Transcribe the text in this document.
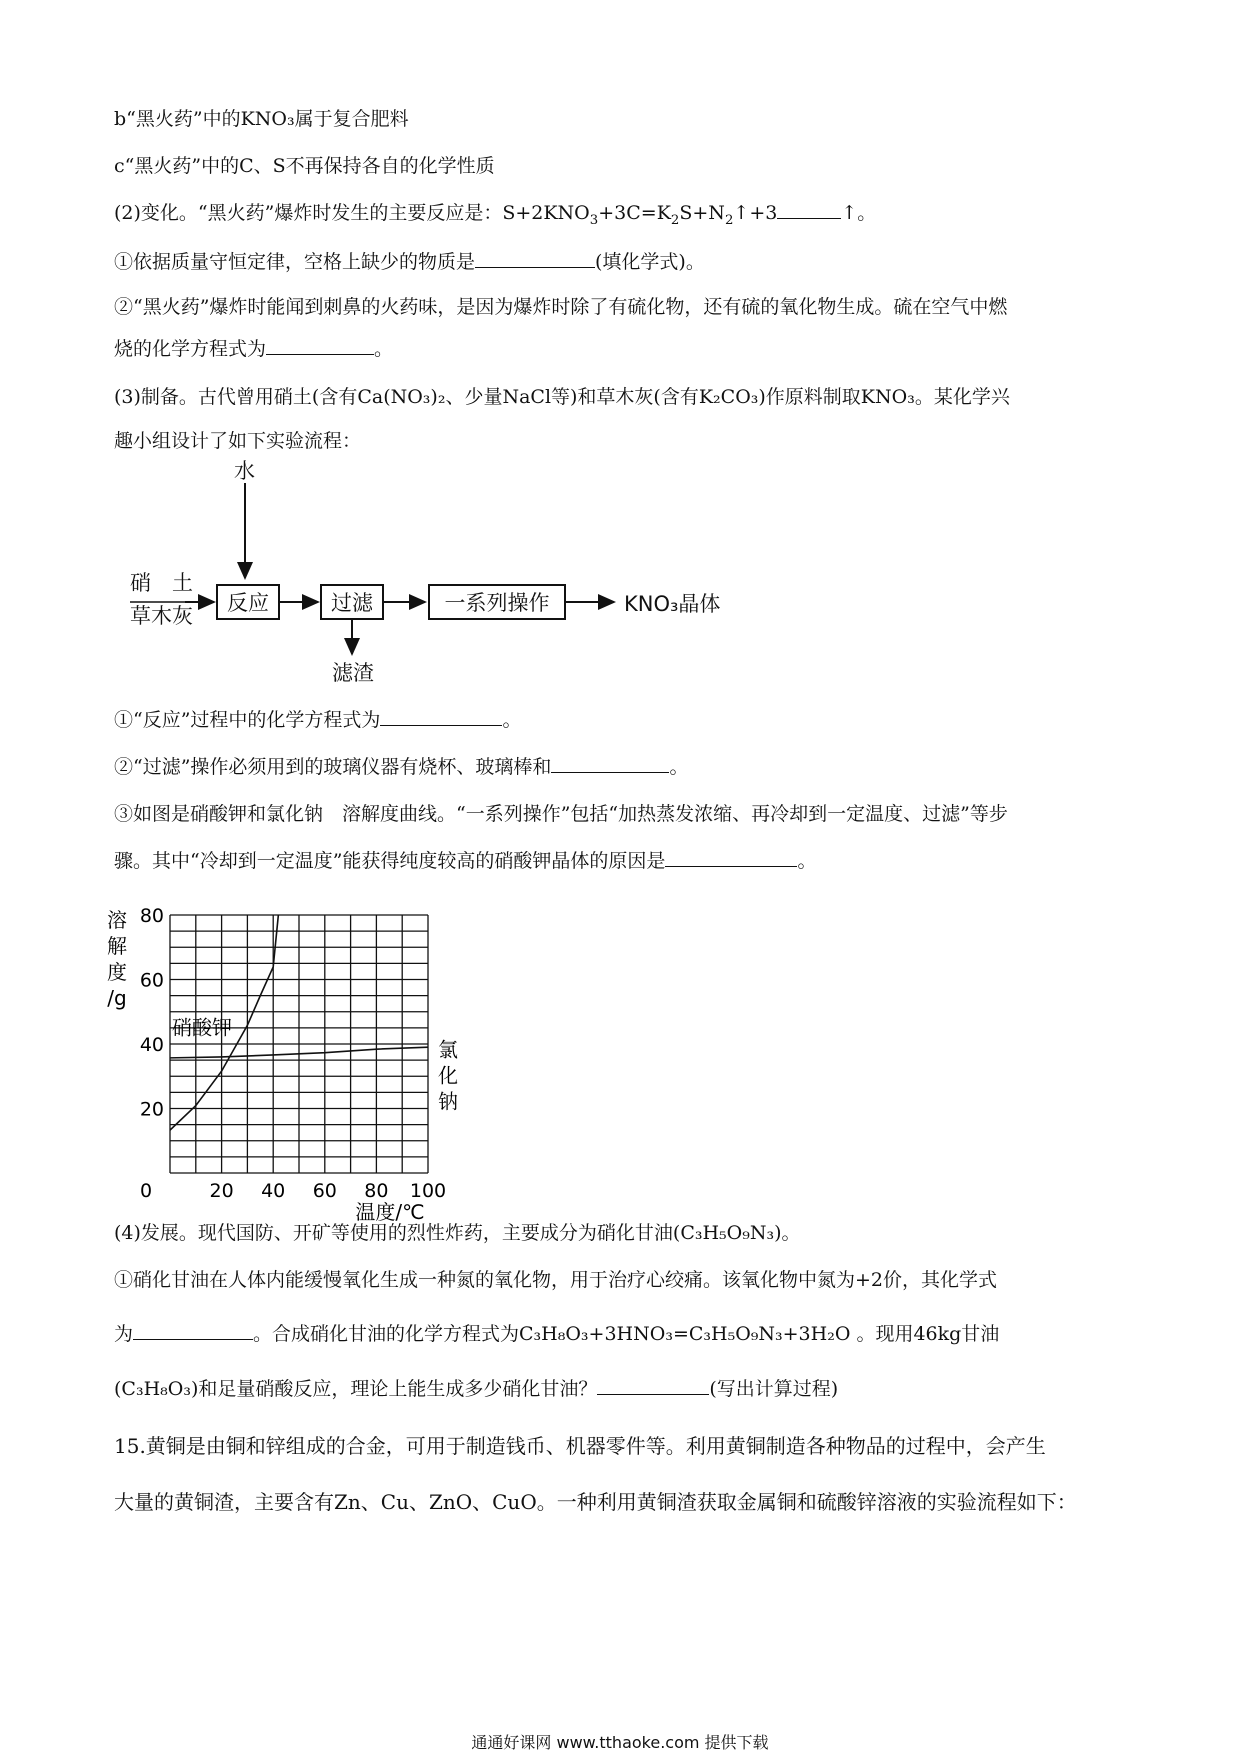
b“黑火药”中的KNO₃属于复合肥料
c“黑火药”中的C、S不再保持各自的化学性质
(2)变化。“黑火药”爆炸时发生的主要反应是：$S+2KNO_3+3C=K_2S+N_2↑+3$	↑。
①依据质量守恒定律，空格上缺少的物质是	(填化学式)。
②“黑火药”爆炸时能闻到刺鼻的火药味，是因为爆炸时除了有硫化物，还有硫的氧化物生成。硫在空气中燃
烧的化学方程式为	。
(3)制备。古代曾用硝土(含有Ca(NO₃)₂、少量NaCl等)和草木灰(含有K₂CO₃)作原料制取KNO₃。某化学兴
趣小组设计了如下实验流程：
水
硝　土
草木灰
反应	过滤	一系列操作	KNO₃晶体
滤渣
①“反应”过程中的化学方程式为	。
②“过滤”操作必须用到的玻璃仪器有烧杯、玻璃棒和	。
③如图是硝酸钾和氯化钠　溶解度曲线。“一系列操作”包括“加热蒸发浓缩、再冷却到一定温度、过滤”等步
骤。其中“冷却到一定温度”能获得纯度较高的硝酸钾晶体的原因是	。
20
40
60
80
0	20 40 60 80 100
溶
解
度
/g
温度/℃
硝酸钾
氯
化
钠
(4)发展。现代国防、开矿等使用的烈性炸药，主要成分为硝化甘油(C₃H₅O₉N₃)。
①硝化甘油在人体内能缓慢氧化生成一种氮的氧化物，用于治疗心绞痛。该氧化物中氮为+2价，其化学式
为	。合成硝化甘油的化学方程式为C₃H₈O₃+3HNO₃=C₃H₅O₉N₃+3H₂O 。现用46kg甘油
(C₃H₈O₃)和足量硝酸反应，理论上能生成多少硝化甘油？	(写出计算过程)
15.黄铜是由铜和锌组成的合金，可用于制造钱币、机器零件等。利用黄铜制造各种物品的过程中，会产生
大量的黄铜渣，主要含有Zn、Cu、ZnO、CuO。一种利用黄铜渣获取金属铜和硫酸锌溶液的实验流程如下：
通通好课网 www.tthaoke.com 提供下载
